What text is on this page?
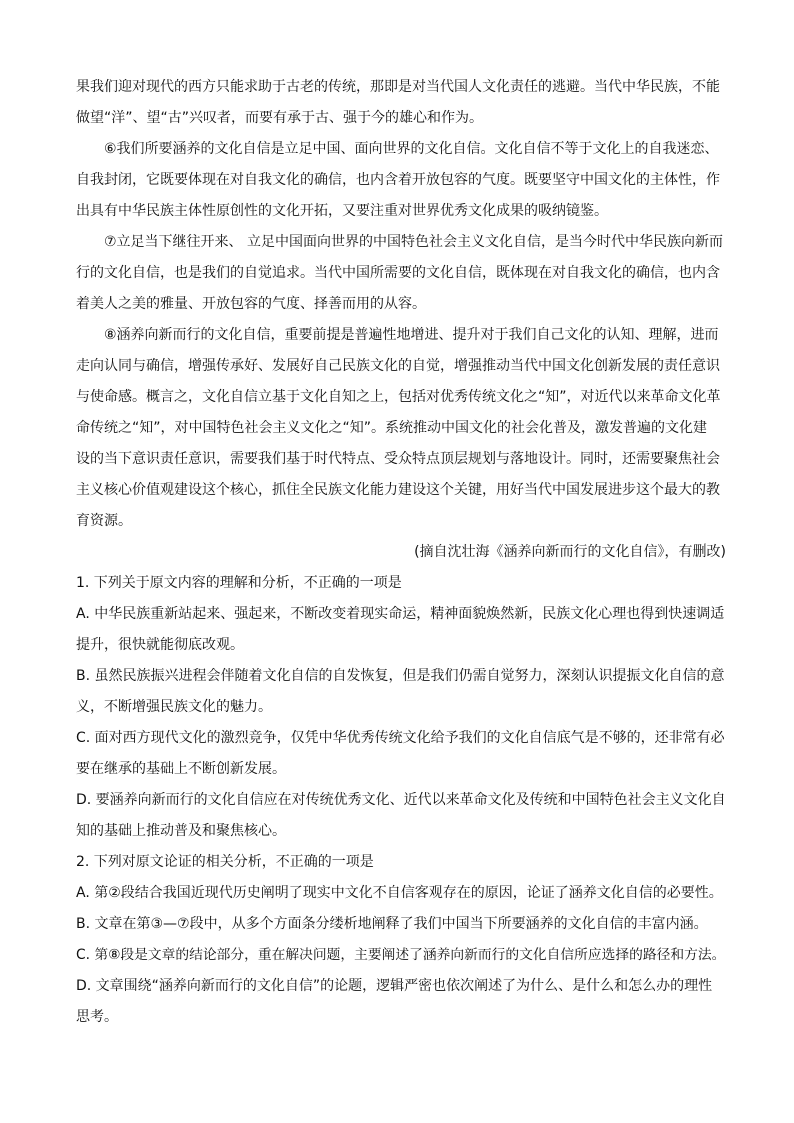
果我们迎对现代的西方只能求助于古老的传统，那即是对当代国人文化责任的逃避。当代中华民族，不能
做望“洋”、望“古”兴叹者，而要有承于古、强于今的雄心和作为。
　　⑥我们所要涵养的文化自信是立足中国、面向世界的文化自信。文化自信不等于文化上的自我迷恋、
自我封闭，它既要体现在对自我文化的确信，也内含着开放包容的气度。既要坚守中国文化的主体性，作
出具有中华民族主体性原创性的文化开拓，又要注重对世界优秀文化成果的吸纳镜鉴。
　　⑦立足当下继往开来、 立足中国面向世界的中国特色社会主义文化自信，是当今时代中华民族向新而
行的文化自信，也是我们的自觉追求。当代中国所需要的文化自信，既体现在对自我文化的确信，也内含
着美人之美的雅量、开放包容的气度、择善而用的从容。
　　⑧涵养向新而行的文化自信，重要前提是普遍性地增进、提升对于我们自己文化的认知、理解，进而
走向认同与确信，增强传承好、发展好自己民族文化的自觉，增强推动当代中国文化创新发展的责任意识
与使命感。概言之，文化自信立基于文化自知之上，包括对优秀传统文化之“知”，对近代以来革命文化革
命传统之“知”，对中国特色社会主义文化之“知”。系统推动中国文化的社会化普及，激发普遍的文化建
设的当下意识责任意识，需要我们基于时代特点、受众特点顶层规划与落地设计。同时，还需要聚焦社会
主义核心价值观建设这个核心，抓住全民族文化能力建设这个关键，用好当代中国发展进步这个最大的教
育资源。
(摘自沈壮海《涵养向新而行的文化自信》，有删改)
1. 下列关于原文内容的理解和分析，不正确的一项是
A. 中华民族重新站起来、强起来，不断改变着现实命运，精神面貌焕然新，民族文化心理也得到快速调适
提升，很快就能彻底改观。
B. 虽然民族振兴进程会伴随着文化自信的自发恢复，但是我们仍需自觉努力，深刻认识提振文化自信的意
义，不断增强民族文化的魅力。
C. 面对西方现代文化的激烈竞争，仅凭中华优秀传统文化给予我们的文化自信底气是不够的，还非常有必
要在继承的基础上不断创新发展。
D. 要涵养向新而行的文化自信应在对传统优秀文化、近代以来革命文化及传统和中国特色社会主义文化自
知的基础上推动普及和聚焦核心。
2. 下列对原文论证的相关分析，不正确的一项是
A. 第②段结合我国近现代历史阐明了现实中文化不自信客观存在的原因，论证了涵养文化自信的必要性。
B. 文章在第③—⑦段中，从多个方面条分缕析地阐释了我们中国当下所要涵养的文化自信的丰富内涵。
C. 第⑧段是文章的结论部分，重在解决问题，主要阐述了涵养向新而行的文化自信所应选择的路径和方法。
D. 文章围绕“涵养向新而行的文化自信”的论题，逻辑严密也依次阐述了为什么、是什么和怎么办的理性
思考。
